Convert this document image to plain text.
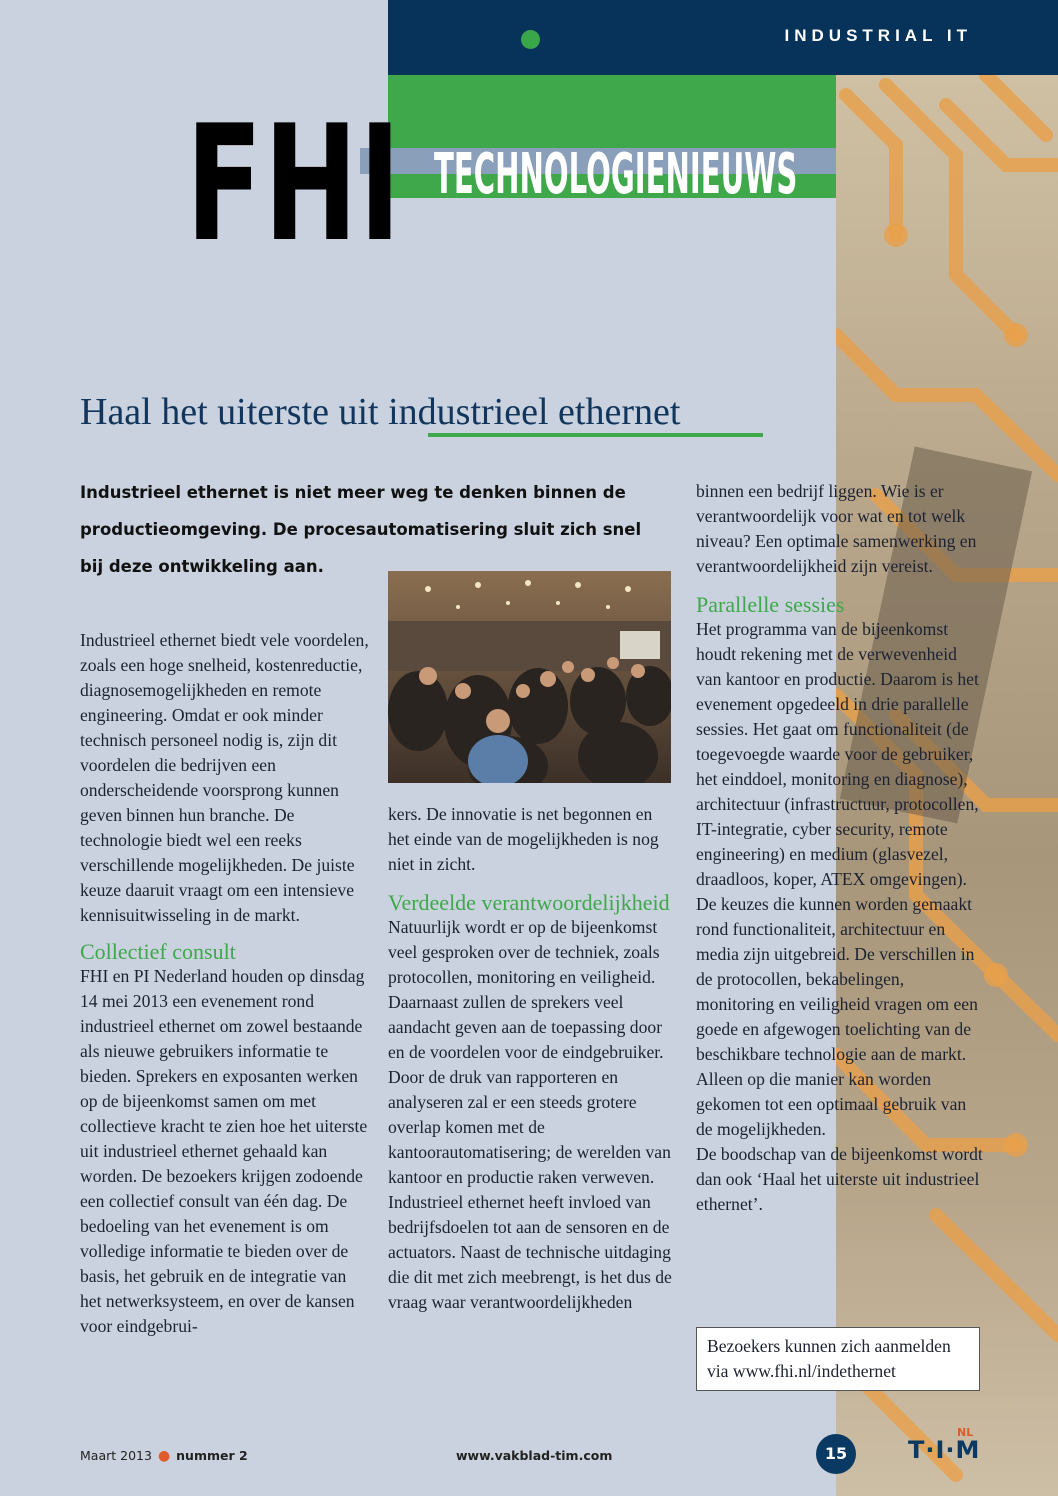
INDUSTRIAL IT
FHI TECHNOLOGIENIEUWS
Haal het uiterste uit industrieel ethernet
Industrieel ethernet is niet meer weg te denken binnen de productieomgeving. De procesautomatisering sluit zich snel bij deze ontwikkeling aan.

Industrieel ethernet biedt vele voordelen, zoals een hoge snelheid, kostenreductie, diagnosemogelijkheden en remote engineering. Omdat er ook minder technisch personeel nodig is, zijn dit voordelen die bedrijven een onderscheidende voorsprong kunnen geven binnen hun branche. De technologie biedt wel een reeks verschillende mogelijkheden. De juiste keuze daaruit vraagt om een intensieve kennisuitwisseling in de markt.

Collectief consult

FHI en PI Nederland houden op dinsdag 14 mei 2013 een evenement rond industrieel ethernet om zowel bestaande als nieuwe gebruikers informatie te bieden. Sprekers en exposanten werken op de bijeenkomst samen om met collectieve kracht te zien hoe het uiterste uit industrieel ethernet gehaald kan worden. De bezoekers krijgen zodoende een collectief consult van één dag. De bedoeling van het evenement is om volledige informatie te bieden over de basis, het gebruik en de integratie van het netwerksysteem, en over de kansen voor eindgebrui-

kers. De innovatie is net begonnen en het einde van de mogelijkheden is nog niet in zicht.

Verdeelde verantwoordelijkheid

Natuurlijk wordt er op de bijeenkomst veel gesproken over de techniek, zoals protocollen, monitoring en veiligheid. Daarnaast zullen de sprekers veel aandacht geven aan de toepassing door en de voordelen voor de eindgebruiker. Door de druk van rapporteren en analyseren zal er een steeds grotere overlap komen met de kantoorautomatisering; de werelden van kantoor en productie raken verweven. Industrieel ethernet heeft invloed van bedrijfsdoelen tot aan de sensoren en de actuators. Naast de technische uitdaging die dit met zich meebrengt, is het dus de vraag waar verantwoordelijkheden

binnen een bedrijf liggen. Wie is er verantwoordelijk voor wat en tot welk niveau? Een optimale samenwerking en verantwoordelijkheid zijn vereist.

Parallelle sessies

Het programma van de bijeenkomst houdt rekening met de verwevenheid van kantoor en productie. Daarom is het evenement opgedeeld in drie parallelle sessies. Het gaat om functionaliteit (de toegevoegde waarde voor de gebruiker, het einddoel, monitoring en diagnose), architectuur (infrastructuur, protocollen, IT-integratie, cyber security, remote engineering) en medium (glasvezel, draadloos, koper, ATEX omgevingen). De keuzes die kunnen worden gemaakt rond functionaliteit, architectuur en media zijn uitgebreid. De verschillen in de protocollen, bekabelingen, monitoring en veiligheid vragen om een goede en afgewogen toelichting van de beschikbare technologie aan de markt. Alleen op die manier kan worden gekomen tot een optimaal gebruik van de mogelijkheden.

De boodschap van de bijeenkomst wordt dan ook ‘Haal het uiterste uit industrieel ethernet’.

Bezoekers kunnen zich aanmelden via www.fhi.nl/indethernet
Maart 2013 ● nummer 2	www.vakblad-tim.com	15
NL
T·I·M
